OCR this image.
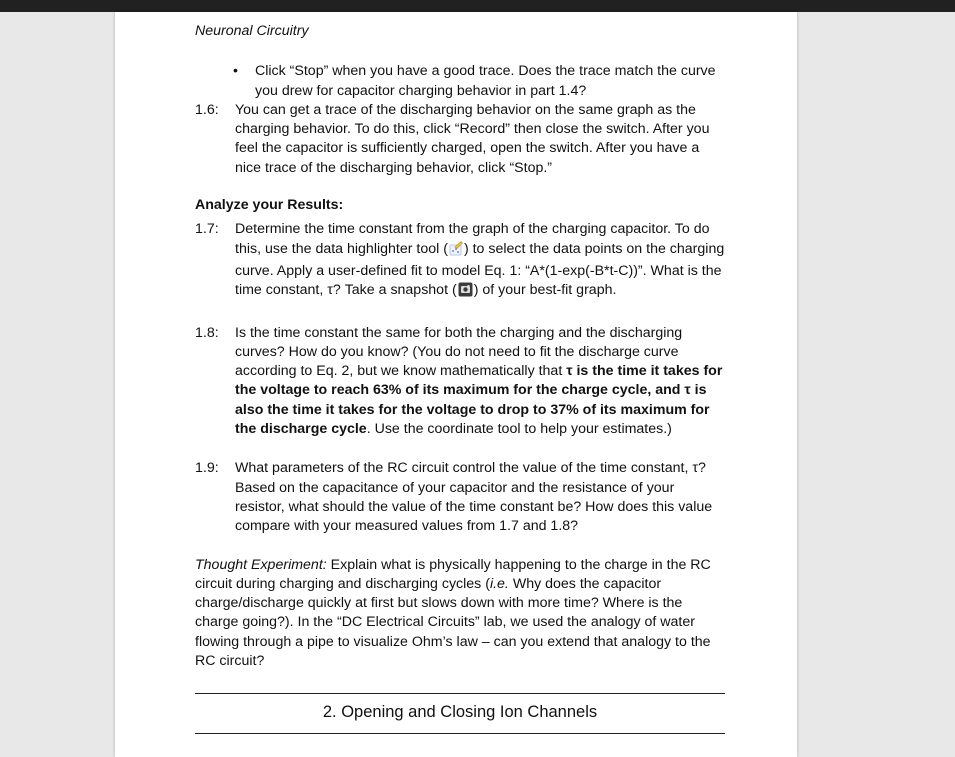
Neuronal Circuitry
• Click “Stop” when you have a good trace. Does the trace match the curve you drew for capacitor charging behavior in part 1.4?
1.6:	You can get a trace of the discharging behavior on the same graph as the charging behavior. To do this, click “Record” then close the switch. After you feel the capacitor is sufficiently charged, open the switch. After you have a nice trace of the discharging behavior, click “Stop.”
Analyze your Results:
1.7:	Determine the time constant from the graph of the charging capacitor. To do this, use the data highlighter tool ( ) to select the data points on the charging curve. Apply a user-defined fit to model Eq. 1: “A*(1-exp(-B*t-C))”. What is the time constant, τ? Take a snapshot ( ) of your best-fit graph.
1.8:	Is the time constant the same for both the charging and the discharging curves? How do you know? (You do not need to fit the discharge curve according to Eq. 2, but we know mathematically that τ is the time it takes for the voltage to reach 63% of its maximum for the charge cycle, and τ is also the time it takes for the voltage to drop to 37% of its maximum for the discharge cycle. Use the coordinate tool to help your estimates.)
1.9:	What parameters of the RC circuit control the value of the time constant, τ? Based on the capacitance of your capacitor and the resistance of your resistor, what should the value of the time constant be? How does this value compare with your measured values from 1.7 and 1.8?

Thought Experiment: Explain what is physically happening to the charge in the RC circuit during charging and discharging cycles (i.e. Why does the capacitor charge/discharge quickly at first but slows down with more time? Where is the charge going?). In the “DC Electrical Circuits” lab, we used the analogy of water flowing through a pipe to visualize Ohm’s law – can you extend that analogy to the RC circuit?

2. Opening and Closing Ion Channels
